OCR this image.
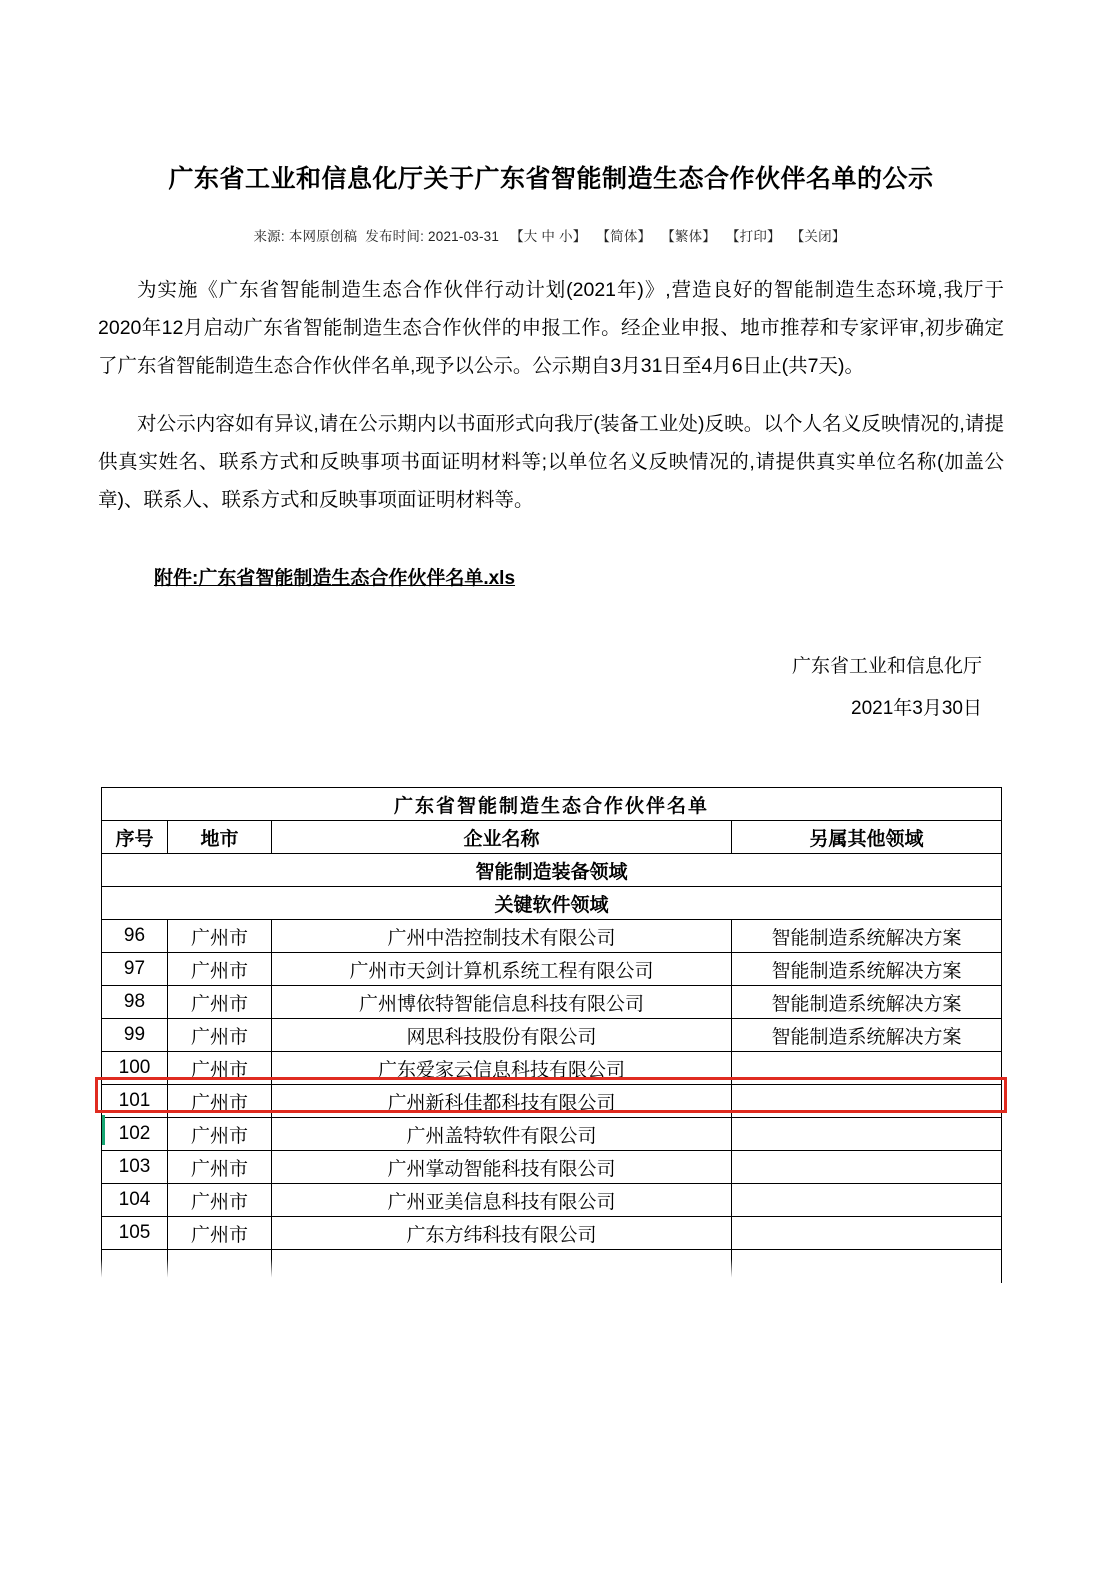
广东省工业和信息化厅关于广东省智能制造生态合作伙伴名单的公示
来源: 本网原创稿 发布时间: 2021-03-31 【大 中 小】 【简体】 【繁体】 【打印】 【关闭】

为实施《广东省智能制造生态合作伙伴行动计划(2021年)》,营造良好的智能制造生态环境,我厅于2020年12月启动广东省智能制造生态合作伙伴的申报工作。经企业申报、地市推荐和专家评审,初步确定了广东省智能制造生态合作伙伴名单,现予以公示。公示期自3月31日至4月6日止(共7天)。

对公示内容如有异议,请在公示期内以书面形式向我厅(装备工业处)反映。以个人名义反映情况的,请提供真实姓名、联系方式和反映事项书面证明材料等;以单位名义反映情况的,请提供真实单位名称(加盖公章)、联系人、联系方式和反映事项面证明材料等。

附件:广东省智能制造生态合作伙伴名单.xls
广东省工业和信息化厅
2021年3月30日
广东省智能制造生态合作伙伴名单			
序号	地市	企业名称	另属其他领域
智能制造装备领域			
关键软件领域			
96	广州市	广州中浩控制技术有限公司	智能制造系统解决方案
97	广州市	广州市天剑计算机系统工程有限公司	智能制造系统解决方案
98	广州市	广州博依特智能信息科技有限公司	智能制造系统解决方案
99	广州市	网思科技股份有限公司	智能制造系统解决方案
100	广州市	广东爱家云信息科技有限公司	
101	广州市	广州新科佳都科技有限公司	
102	广州市	广州盖特软件有限公司	
103	广州市	广州掌动智能科技有限公司	
104	广州市	广州亚美信息科技有限公司	
105	广州市	广东方纬科技有限公司	
